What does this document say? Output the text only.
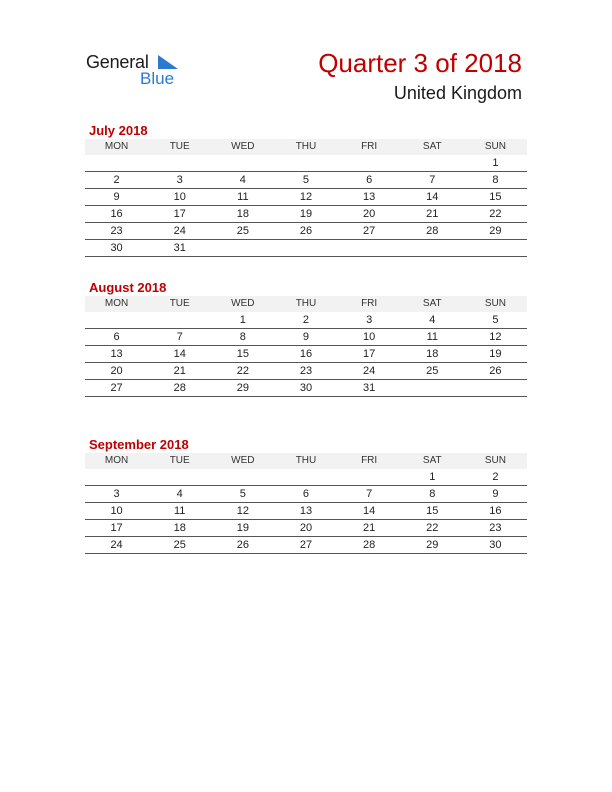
General
Blue
Quarter 3 of 2018
United Kingdom
July 2018
MON	TUE	WED	THU	FRI	SAT	SUN
						1
2	3	4	5	6	7	8
9	10	11	12	13	14	15
16	17	18	19	20	21	22
23	24	25	26	27	28	29
30	31					
August 2018
MON	TUE	WED	THU	FRI	SAT	SUN
		1	2	3	4	5
6	7	8	9	10	11	12
13	14	15	16	17	18	19
20	21	22	23	24	25	26
27	28	29	30	31		
September 2018
MON	TUE	WED	THU	FRI	SAT	SUN
					1	2
3	4	5	6	7	8	9
10	11	12	13	14	15	16
17	18	19	20	21	22	23
24	25	26	27	28	29	30
